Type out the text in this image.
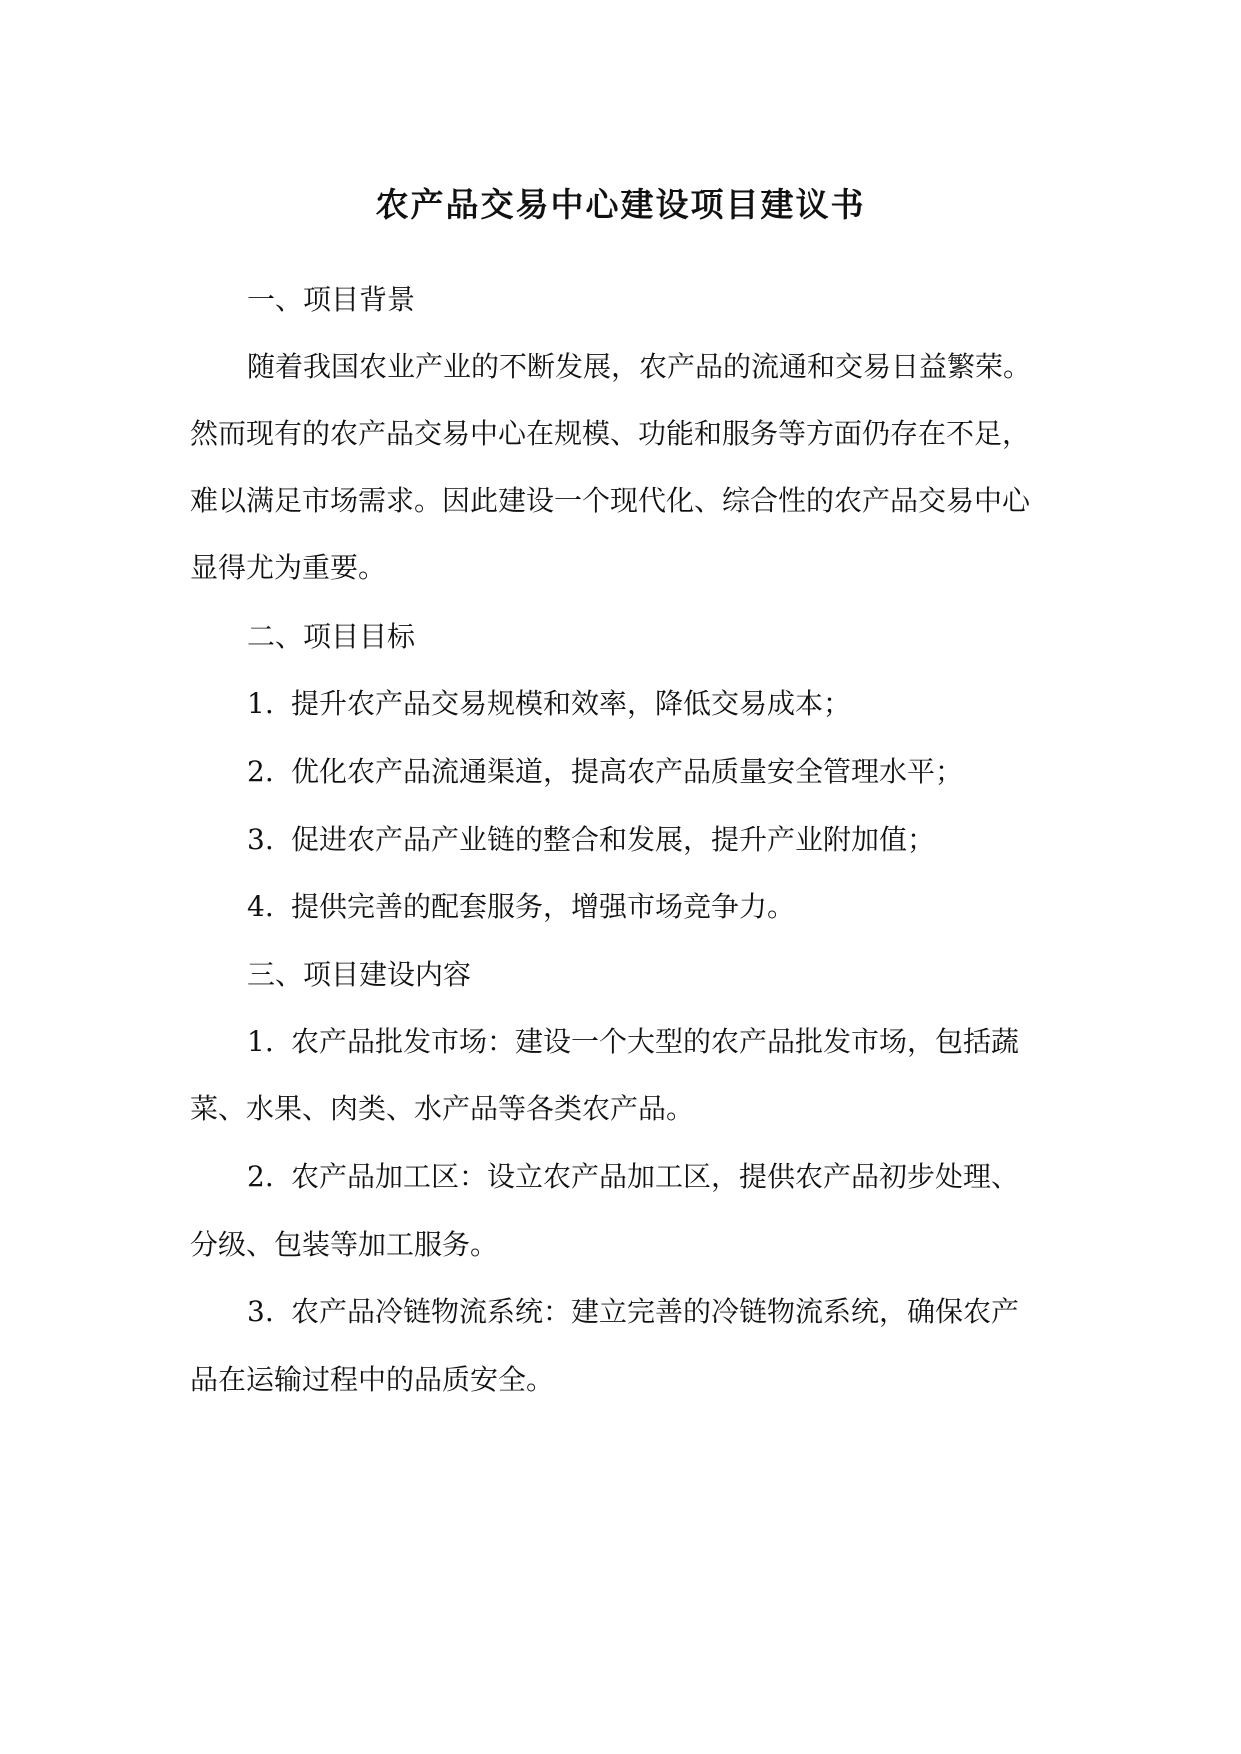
农产品交易中心建设项目建议书

一、项目背景

随着我国农业产业的不断发展，农产品的流通和交易日益繁荣。

然而现有的农产品交易中心在规模、功能和服务等方面仍存在不足，

难以满足市场需求。因此建设一个现代化、综合性的农产品交易中心

显得尤为重要。

二、项目目标

1. 提升农产品交易规模和效率，降低交易成本；

2. 优化农产品流通渠道，提高农产品质量安全管理水平；

3. 促进农产品产业链的整合和发展，提升产业附加值；

4. 提供完善的配套服务，增强市场竞争力。

三、项目建设内容

1. 农产品批发市场：建设一个大型的农产品批发市场，包括蔬

菜、水果、肉类、水产品等各类农产品。

2. 农产品加工区：设立农产品加工区，提供农产品初步处理、

分级、包装等加工服务。

3. 农产品冷链物流系统：建立完善的冷链物流系统，确保农产

品在运输过程中的品质安全。
